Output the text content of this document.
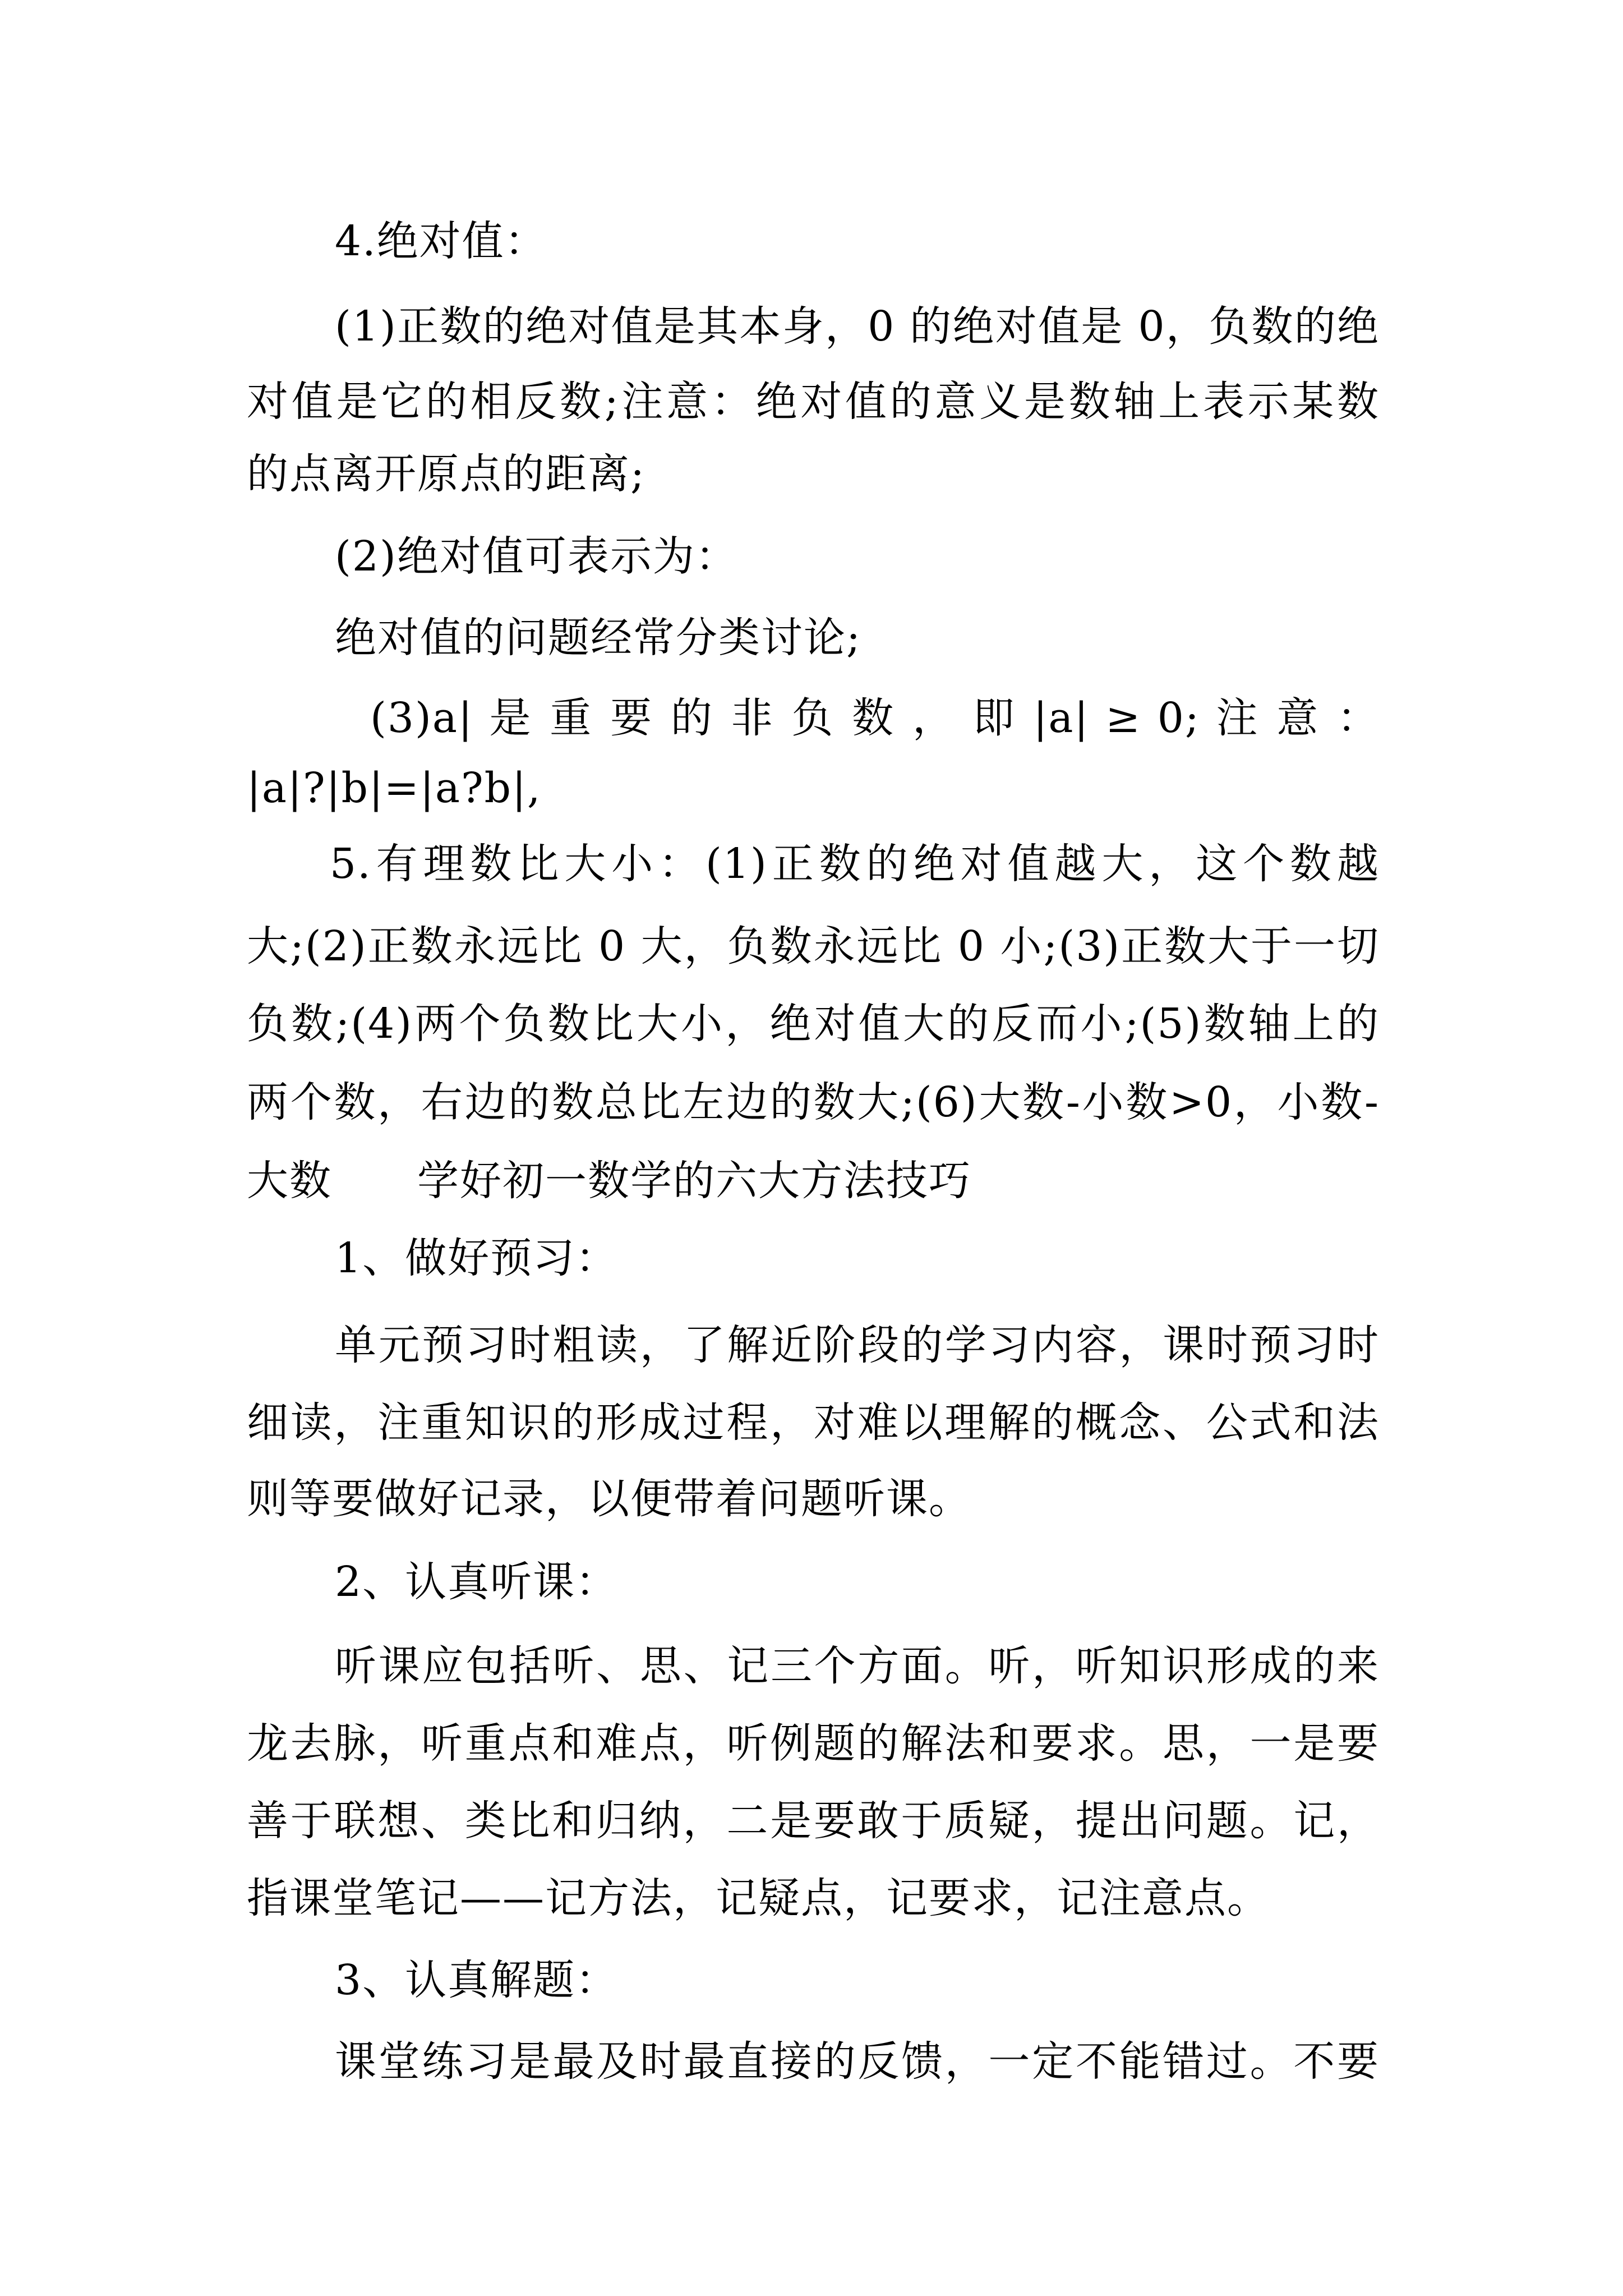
4.绝对值：
(1)正数的绝对值是其本身，0 的绝对值是 0，负数的绝
对值是它的相反数;注意：绝对值的意义是数轴上表示某数
的点离开原点的距离;
(2)绝对值可表示为：
绝对值的问题经常分类讨论;
(3)a| 是 重 要 的 非 负 数 ， 即 |a| ≥ 0; 注 意 ：
|a|?|b|=|a?b|,
5.有理数比大小：(1)正数的绝对值越大，这个数越
大;(2)正数永远比 0 大，负数永远比 0 小;(3)正数大于一切
负数;(4)两个负数比大小，绝对值大的反而小;(5)数轴上的
两个数，右边的数总比左边的数大;(6)大数-小数>0，小数-
大数　　学好初一数学的六大方法技巧
1、做好预习：
单元预习时粗读，了解近阶段的学习内容，课时预习时
细读，注重知识的形成过程，对难以理解的概念、公式和法
则等要做好记录，以便带着问题听课。
2、认真听课：
听课应包括听、思、记三个方面。听，听知识形成的来
龙去脉，听重点和难点，听例题的解法和要求。思，一是要
善于联想、类比和归纳，二是要敢于质疑，提出问题。记，
指课堂笔记——记方法，记疑点，记要求，记注意点。
3、认真解题：
课堂练习是最及时最直接的反馈，一定不能错过。不要
